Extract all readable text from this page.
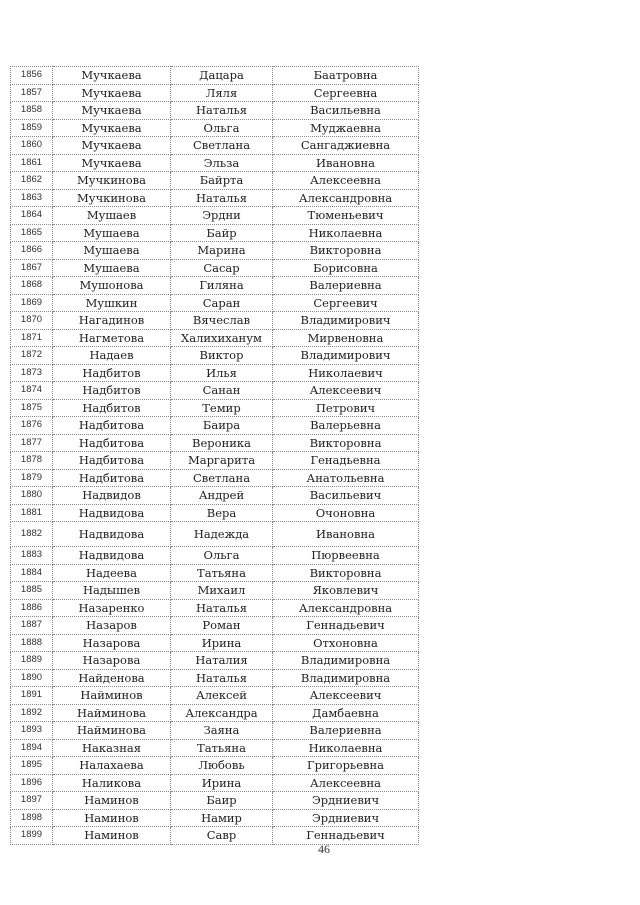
1856	Мучкаева	Дацара	Баатровна
1857	Мучкаева	Ляля	Сергеевна
1858	Мучкаева	Наталья	Васильевна
1859	Мучкаева	Ольга	Муджаевна
1860	Мучкаева	Светлана	Сангаджиевна
1861	Мучкаева	Эльза	Ивановна
1862	Мучкинова	Байрта	Алексеевна
1863	Мучкинова	Наталья	Александровна
1864	Мушаев	Эрдни	Тюменьевич
1865	Мушаева	Байр	Николаевна
1866	Мушаева	Марина	Викторовна
1867	Мушаева	Сасар	Борисовна
1868	Мушонова	Гиляна	Валериевна
1869	Мушкин	Саран	Сергеевич
1870	Нагадинов	Вячеслав	Владимирович
1871	Нагметова	Халихиханум	Мирвеновна
1872	Надаев	Виктор	Владимирович
1873	Надбитов	Илья	Николаевич
1874	Надбитов	Санан	Алексеевич
1875	Надбитов	Темир	Петрович
1876	Надбитова	Баира	Валерьевна
1877	Надбитова	Вероника	Викторовна
1878	Надбитова	Маргарита	Генадьевна
1879	Надбитова	Светлана	Анатольевна
1880	Надвидов	Андрей	Васильевич
1881	Надвидова	Вера	Очоновна
1882	Надвидова	Надежда	Ивановна
1883	Надвидова	Ольга	Пюрвеевна
1884	Надеева	Татьяна	Викторовна
1885	Надышев	Михаил	Яковлевич
1886	Назаренко	Наталья	Александровна
1887	Назаров	Роман	Геннадьевич
1888	Назарова	Ирина	Отхоновна
1889	Назарова	Наталия	Владимировна
1890	Найденова	Наталья	Владимировна
1891	Найминов	Алексей	Алексеевич
1892	Найминова	Александра	Дамбаевна
1893	Найминова	Заяна	Валериевна
1894	Наказная	Татьяна	Николаевна
1895	Налахаева	Любовь	Григорьевна
1896	Наликова	Ирина	Алексеевна
1897	Наминов	Баир	Эрдниевич
1898	Наминов	Намир	Эрдниевич
1899	Наминов	Савр	Геннадьевич
46
